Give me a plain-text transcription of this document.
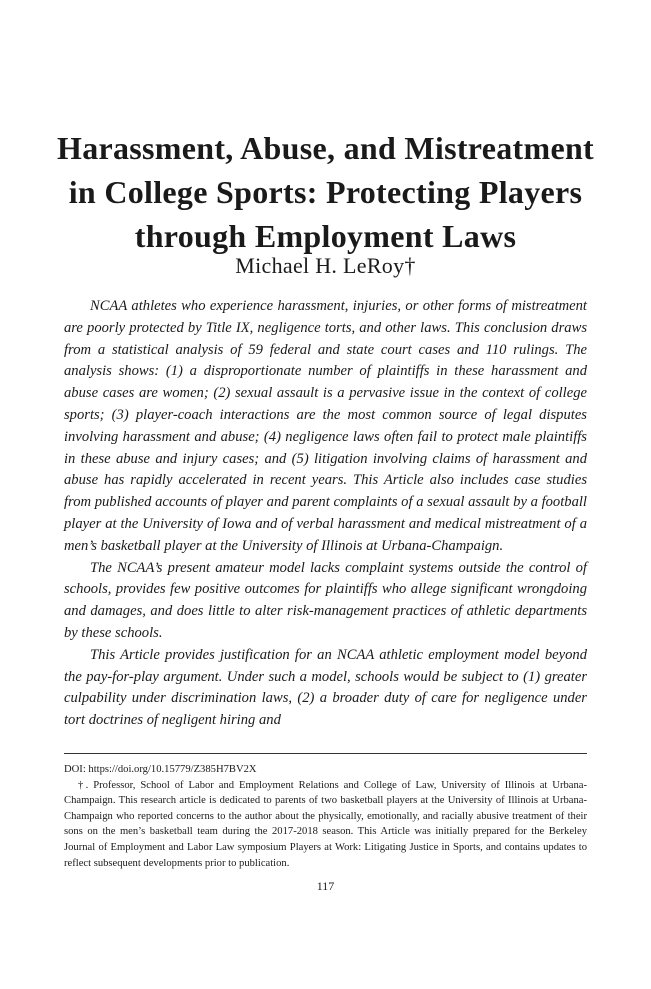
Harassment, Abuse, and Mistreatment in College Sports: Protecting Players through Employment Laws
Michael H. LeRoy†

NCAA athletes who experience harassment, injuries, or other forms of mistreatment are poorly protected by Title IX, negligence torts, and other laws. This conclusion draws from a statistical analysis of 59 federal and state court cases and 110 rulings. The analysis shows: (1) a disproportionate number of plaintiffs in these harassment and abuse cases are women; (2) sexual assault is a pervasive issue in the context of college sports; (3) player-coach interactions are the most common source of legal disputes involving harassment and abuse; (4) negligence laws often fail to protect male plaintiffs in these abuse and injury cases; and (5) litigation involving claims of harassment and abuse has rapidly accelerated in recent years. This Article also includes case studies from published accounts of player and parent complaints of a sexual assault by a football player at the University of Iowa and of verbal harassment and medical mistreatment of a men’s basketball player at the University of Illinois at Urbana-Champaign.

The NCAA’s present amateur model lacks complaint systems outside the control of schools, provides few positive outcomes for plaintiffs who allege significant wrongdoing and damages, and does little to alter risk-management practices of athletic departments by these schools.

This Article provides justification for an NCAA athletic employment model beyond the pay-for-play argument. Under such a model, schools would be subject to (1) greater culpability under discrimination laws, (2) a broader duty of care for negligence under tort doctrines of negligent hiring and

DOI: https://doi.org/10.15779/Z385H7BV2X

†. Professor, School of Labor and Employment Relations and College of Law, University of Illinois at Urbana-Champaign. This research article is dedicated to parents of two basketball players at the University of Illinois at Urbana-Champaign who reported concerns to the author about the physically, emotionally, and racially abusive treatment of their sons on the men’s basketball team during the 2017-2018 season. This Article was initially prepared for the Berkeley Journal of Employment and Labor Law symposium Players at Work: Litigating Justice in Sports, and contains updates to reflect subsequent developments prior to publication.

117
